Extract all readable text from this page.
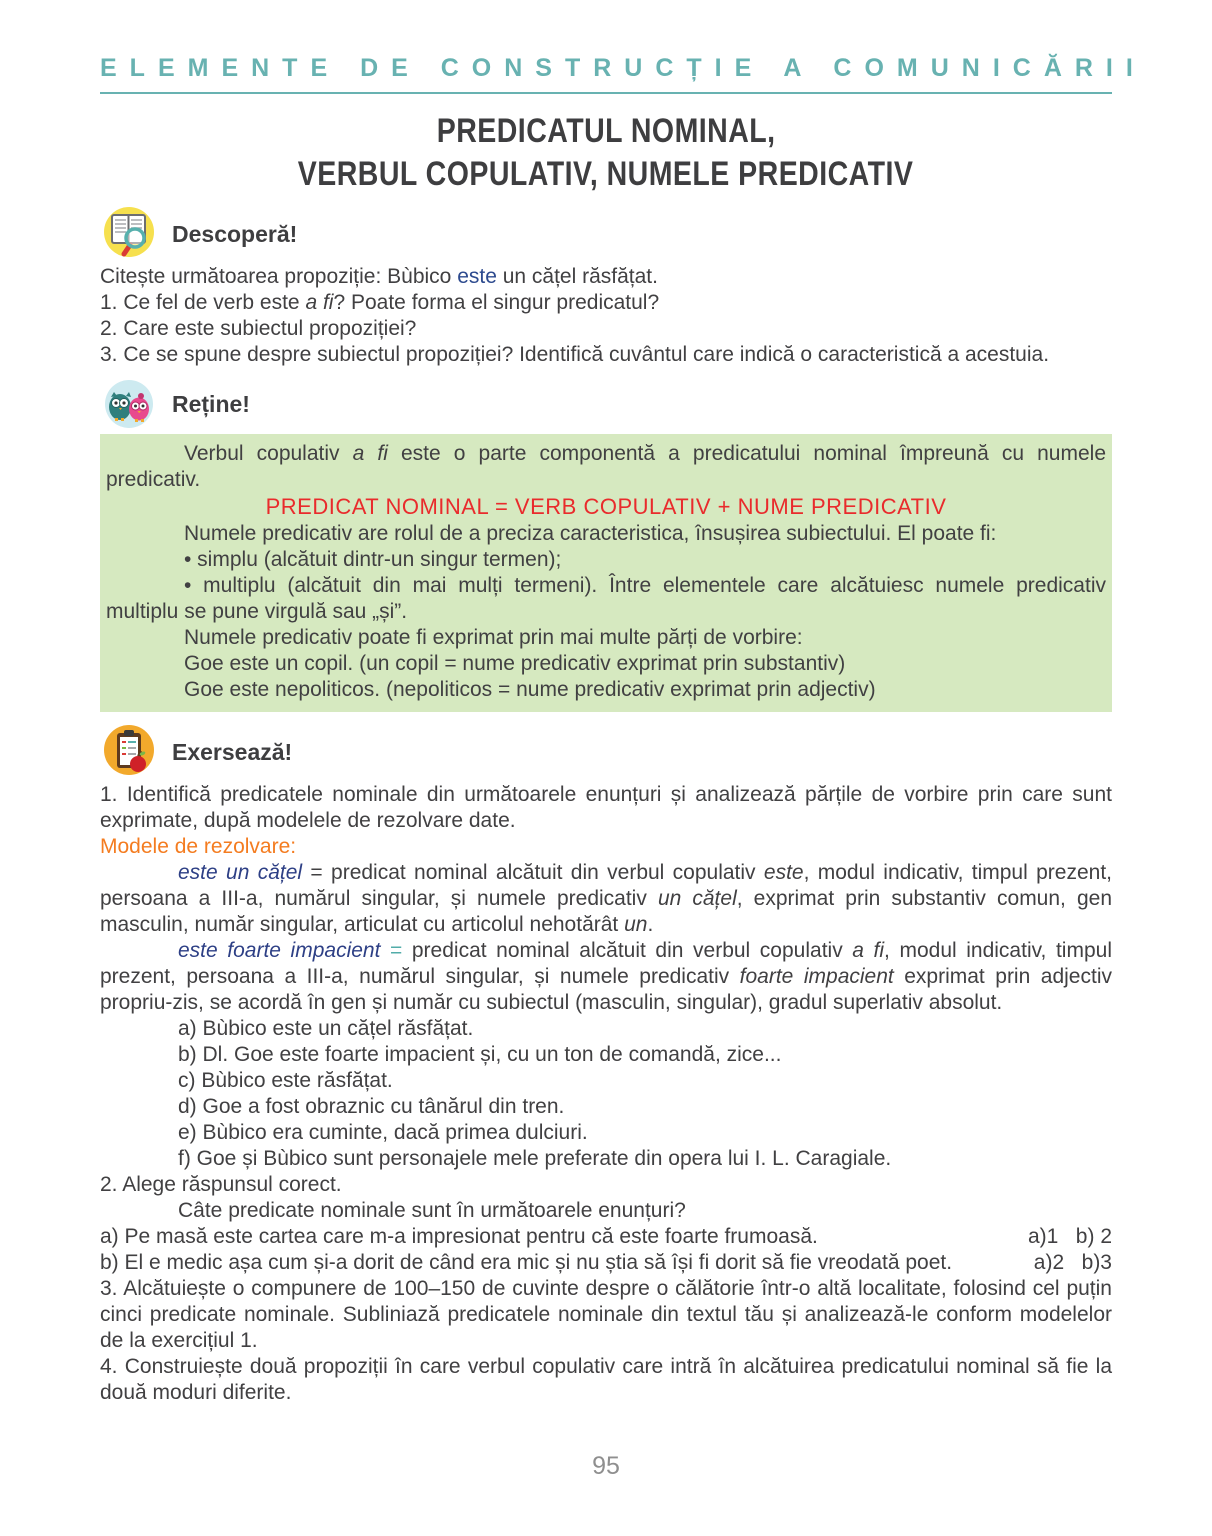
ELEMENTE DE CONSTRUCȚIE A COMUNICĂRII
PREDICATUL NOMINAL,
VERBUL COPULATIV, NUMELE PREDICATIV
Descoperă!

Citește următoarea propoziție: Bùbico este un cățel răsfățat.

1. Ce fel de verb este a fi? Poate forma el singur predicatul?

2. Care este subiectul propoziției?

3. Ce se spune despre subiectul propoziției? Identifică cuvântul care indică o caracteristică a acestuia.

Reține!

Verbul copulativ a fi este o parte componentă a predicatului nominal împreună cu numele predicativ.

PREDICAT NOMINAL = VERB COPULATIV + NUME PREDICATIV

Numele predicativ are rolul de a preciza caracteristica, însușirea subiectului. El poate fi:

• simplu (alcătuit dintr-un singur termen);

• multiplu (alcătuit din mai mulți termeni). Între elementele care alcătuiesc numele predicativ multiplu se pune virgulă sau „și”.

Numele predicativ poate fi exprimat prin mai multe părți de vorbire:

Goe este un copil. (un copil = nume predicativ exprimat prin substantiv)

Goe este nepoliticos. (nepoliticos = nume predicativ exprimat prin adjectiv)

Exersează!

1. Identifică predicatele nominale din următoarele enunțuri și analizează părțile de vorbire prin care sunt exprimate, după modelele de rezolvare date.

Modele de rezolvare:

este un cățel = predicat nominal alcătuit din verbul copulativ este, modul indicativ, timpul prezent, persoana a III-a, numărul singular, și numele predicativ un cățel, exprimat prin substantiv comun, gen masculin, număr singular, articulat cu articolul nehotărât un.

este foarte impacient = predicat nominal alcătuit din verbul copulativ a fi, modul indicativ, timpul prezent, persoana a III-a, numărul singular, și numele predicativ foarte impacient exprimat prin adjectiv propriu-zis, se acordă în gen și număr cu subiectul (masculin, singular), gradul superlativ absolut.

a) Bùbico este un cățel răsfățat.

b) Dl. Goe este foarte impacient și, cu un ton de comandă, zice...

c) Bùbico este răsfățat.

d) Goe a fost obraznic cu tânărul din tren.

e) Bùbico era cuminte, dacă primea dulciuri.

f) Goe și Bùbico sunt personajele mele preferate din opera lui I. L. Caragiale.

2. Alege răspunsul corect.

Câte predicate nominale sunt în următoarele enunțuri?

a) Pe masă este cartea care m-a impresionat pentru că este foarte frumoasă.	a)1   b) 2

b) El e medic așa cum și-a dorit de când era mic și nu știa să își fi dorit să fie vreodată poet.	a)2   b)3

3. Alcătuiește o compunere de 100–150 de cuvinte despre o călătorie într-o altă localitate, folosind cel puțin cinci predicate nominale. Subliniază predicatele nominale din textul tău și analizează-le conform modelelor de la exercițiul 1.

4. Construiește două propoziții în care verbul copulativ care intră în alcătuirea predicatului nominal să fie la două moduri diferite.

95
